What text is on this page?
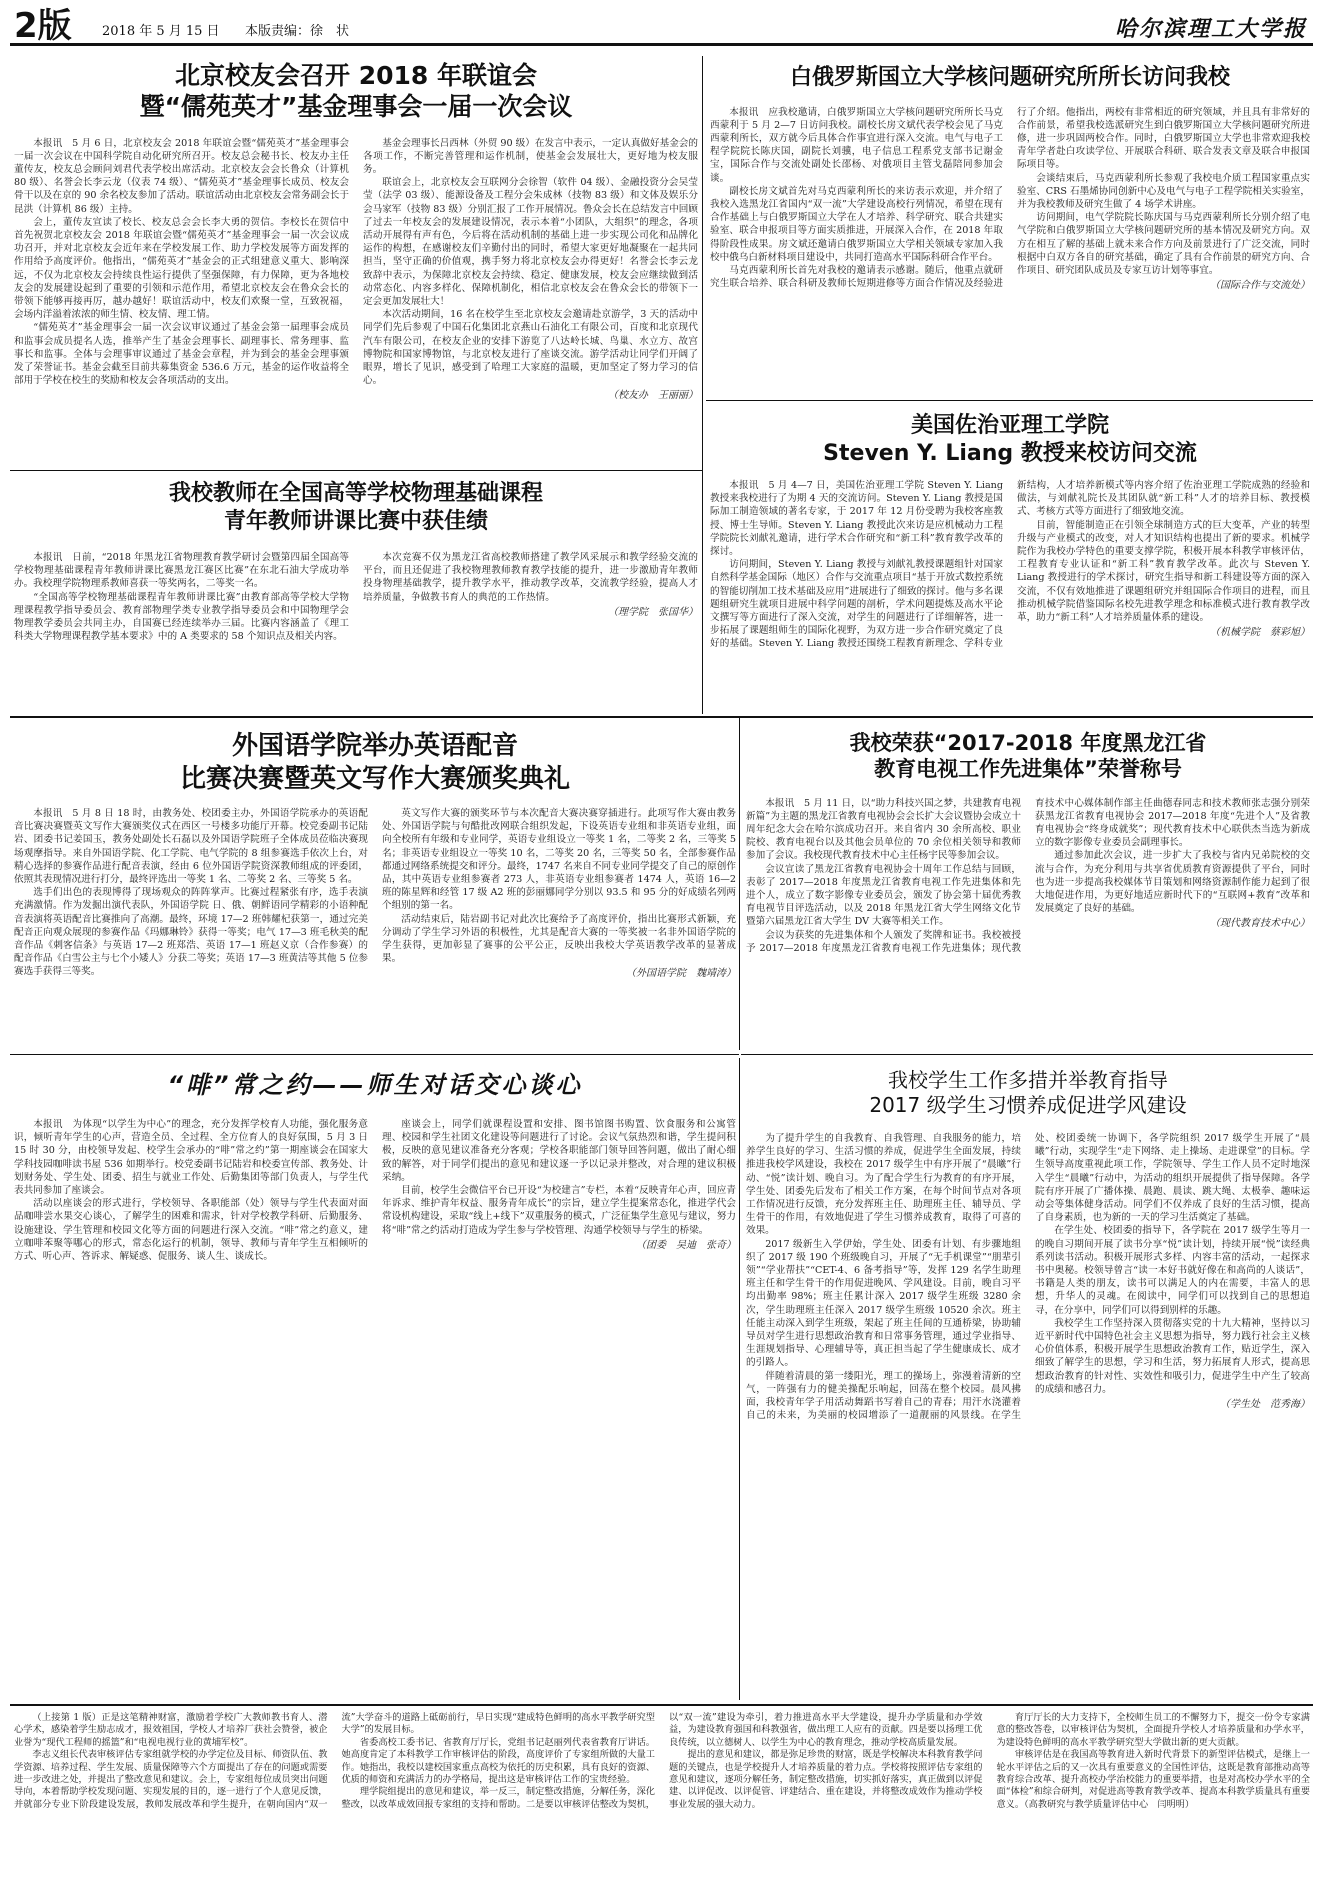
2版 2018 年 5 月 15 日 本版责编：徐　状	哈尔滨理工大学报
北京校友会召开 2018 年联谊会
暨“儒苑英才”基金理事会一届一次会议

本报讯　5 月 6 日，北京校友会 2018 年联谊会暨“儒苑英才”基金理事会一届一次会议在中国科学院自动化研究所召开。校友总会秘书长、校友办主任董传友，校友总会顾问刘君代表学校出席活动。北京校友会会长鲁众（计算机 80 级）、名誉会长李云龙（仪表 74 级）、“儒苑英才”基金理事长成员、校友会骨干以及在京的 90 余名校友参加了活动。联谊活动由北京校友会常务副会长于昆洪（计算机 86 级）主持。

会上，董传友宣读了校长、校友总会会长李大勇的贺信。李校长在贺信中首先祝贺北京校友会 2018 年联谊会暨“儒苑英才”基金理事会一届一次会议成功召开，并对北京校友会近年来在学校发展工作、助力学校发展等方面发挥的作用给予高度评价。他指出，“儒苑英才”基金会的正式组建意义重大、影响深远，不仅为北京校友会持续良性运行提供了坚强保障，有力保障，更为各地校友会的发展建设起到了重要的引领和示范作用，希望北京校友会在鲁众会长的带领下能够再接再厉，越办越好！联谊活动中，校友们欢聚一堂，互致祝福，会场内洋溢着浓浓的师生情、校友情、理工情。

“儒苑英才”基金理事会一届一次会议审议通过了基金会第一届理事会成员和监事会成员提名人选，推举产生了基金会理事长、副理事长、常务理事、监事长和监事。全体与会理事审议通过了基金会章程，并为到会的基金会理事颁发了荣誉证书。基金会截至目前共募集资金 536.6 万元，基金的运作收益将全部用于学校在校生的奖励和校友会各项活动的支出。

基金会理事长吕西林（外贸 90 级）在发言中表示，一定认真做好基金会的各项工作，不断完善管理和运作机制，使基金会发展壮大，更好地为校友服务。

联谊会上，北京校友会互联网分会徐智（软件 04 级）、金融投资分会吴莹莹（法学 03 级）、能源设备及工程分会朱成林（技物 83 级）和文体及娱乐分会马家军（技物 83 级）分别汇报了工作开展情况。鲁众会长在总结发言中回顾了过去一年校友会的发展建设情况，表示本着“小团队，大组织”的理念，各项活动开展得有声有色，今后将在活动机制的基础上进一步实现公司化和品牌化运作的构想，在感谢校友们辛勤付出的同时，希望大家更好地凝聚在一起共同担当，坚守正确的价值观，携手努力将北京校友会办得更好！名誉会长李云龙致辞中表示，为保障北京校友会持续、稳定、健康发展，校友会应继续做到活动常态化、内容多样化、保障机制化，相信北京校友会在鲁众会长的带领下一定会更加发展壮大！

本次活动期间，16 名在校学生至北京校友会邀请赴京游学，3 天的活动中同学们先后参观了中国石化集团北京燕山石油化工有限公司，百度和北京现代汽车有限公司，在校友企业的安排下游览了八达岭长城、鸟巢、水立方、故宫博物院和国家博物馆，与北京校友进行了座谈交流。游学活动让同学们开阔了眼界，增长了见识，感受到了哈理工大家庭的温暖，更加坚定了努力学习的信心。

（校友办　王丽丽）

白俄罗斯国立大学核问题研究所所长访问我校

本报讯　应我校邀请，白俄罗斯国立大学核问题研究所所长马克西蒙利于 5 月 2—7 日访问我校。副校长房文斌代表学校会见了马克西蒙利所长，双方就今后具体合作事宜进行深入交流。电气与电子工程学院院长陈庆国，副院长刘骥，电子信息工程系党支部书记谢金宝，国际合作与交流处副处长邵杨、对俄项目主管戈磊陪同参加会谈。

副校长房文斌首先对马克西蒙利所长的来访表示欢迎，并介绍了我校入选黑龙江省国内“双一流”大学建设高校行列情况，希望在现有合作基础上与白俄罗斯国立大学在人才培养、科学研究、联合共建实验室、联合申报项目等方面实质推进，开展深入合作，在 2018 年取得阶段性成果。房文斌还邀请白俄罗斯国立大学相关领域专家加入我校中俄乌白新材料项目建设中，共同打造高水平国际科研合作平台。

马克西蒙利所长首先对我校的邀请表示感谢。随后，他重点就研究生联合培养、联合科研及教师长短期进修等方面合作情况及经验进行了介绍。他指出，两校有非常相近的研究领域，并且具有非常好的合作前景，希望我校选派研究生到白俄罗斯国立大学核问题研究所进修，进一步巩固两校合作。同时，白俄罗斯国立大学也非常欢迎我校青年学者赴白攻读学位、开展联合科研、联合发表文章及联合申报国际项目等。

会谈结束后，马克西蒙利所长参观了我校电介质工程国家重点实验室、CRS 石墨烯协同创新中心及电气与电子工程学院相关实验室，并为我校教师及研究生做了 4 场学术讲座。

访问期间，电气学院院长陈庆国与马克西蒙利所长分别介绍了电气学院和白俄罗斯国立大学核问题研究所的基本情况及研究方向。双方在相互了解的基础上就未来合作方向及前景进行了广泛交流，同时根据中白双方各自的研究基础，确定了具有合作前景的研究方向、合作项目、研究团队成员及专家互访计划等事宜。

（国际合作与交流处）

我校教师在全国高等学校物理基础课程
青年教师讲课比赛中获佳绩

本报讯　日前，“2018 年黑龙江省物理教育教学研讨会暨第四届全国高等学校物理基础课程青年教师讲课比赛黑龙江赛区比赛”在东北石油大学成功举办。我校理学院物理系教师喜获一等奖两名，二等奖一名。

“全国高等学校物理基础课程青年教师讲课比赛”由教育部高等学校大学物理课程教学指导委员会、教育部物理学类专业教学指导委员会和中国物理学会物理教学委员会共同主办，自国赛已经连续举办三届。比赛内容涵盖了《理工科类大学物理课程教学基本要求》中的 A 类要求的 58 个知识点及相关内容。

本次竞赛不仅为黑龙江省高校教师搭建了教学风采展示和教学经验交流的平台，而且还促进了我校物理教师教育教学技能的提升，进一步激励青年教师投身物理基础教学，提升教学水平，推动教学改革，交流教学经验，提高人才培养质量，争做教书育人的典范的工作热情。

（理学院　张国华）

美国佐治亚理工学院
Steven Y. Liang 教授来校访问交流

本报讯　5 月 4—7 日，美国佐治亚理工学院 Steven Y. Liang 教授来我校进行了为期 4 天的交流访问。Steven Y. Liang 教授是国际加工制造领域的著名专家，于 2017 年 12 月份受聘为我校客座教授、博士生导师。Steven Y. Liang 教授此次来访是应机械动力工程学院院长刘献礼邀请，进行学术合作研究和“新工科”教育教学改革的探讨。

访问期间，Steven Y. Liang 教授与刘献礼教授课题组针对国家自然科学基金国际（地区）合作与交流重点项目“基于开放式数控系统的智能切削加工技术基础及应用”进展进行了细致的探讨。他与多名课题组研究生就项目进展中科学问题的剖析，学术问题提炼及高水平论文撰写等方面进行了深入交流，对学生的问题进行了详细解答，进一步拓展了课题组师生的国际化视野，为双方进一步合作研究奠定了良好的基础。Steven Y. Liang 教授还围绕工程教育新理念、学科专业新结构，人才培养新模式等内容介绍了佐治亚理工学院成熟的经验和做法，与刘献礼院长及其团队就“新工科”人才的培养目标、教授模式、考核方式等方面进行了细致地交流。

目前，智能制造正在引领全球制造方式的巨大变革，产业的转型升级与产业模式的改变，对人才知识结构也提出了新的要求。机械学院作为我校办学特色的重要支撑学院，积极开展本科教学审核评估，工程教育专业认证和“新工科”教育教学改革。此次与 Steven Y. Liang 教授进行的学术探讨，研究生指导和新工科建设等方面的深入交流，不仅有效地推进了课题组研究并组国际合作项目的进程，而且推动机械学院借鉴国际名校先进教学理念和标准模式进行教育教学改革，助力“新工科”人才培养质量体系的建设。

（机械学院　蔡彩旭）

外国语学院举办英语配音
比赛决赛暨英文写作大赛颁奖典礼

本报讯　5 月 8 日 18 时，由教务处、校团委主办，外国语学院承办的英语配音比赛决赛暨英文写作大赛颁奖仪式在西区一号楼多功能厅开幕。校党委副书记陆岩、团委书记姜国玉，教务处副处长石磊以及外国语学院班子全体成员莅临决赛现场观摩指导。来自外国语学院、化工学院、电气学院的 8 组参赛选手依次上台，对精心选择的参赛作品进行配音表演，经由 6 位外国语学院资深教师组成的评委团，依照其表现情况进行打分，最终评选出一等奖 1 名、二等奖 2 名、三等奖 5 名。

选手们出色的表现博得了现场观众的阵阵掌声。比赛过程紧张有序，选手表演充满激情。作为发掘出演代表队，外国语学院 日、俄、朝鲜语同学精彩的小语种配音表演将英语配音比赛推向了高潮。最终，环境 17—2 班韩耀杞获第一，通过完美配音正向观众展现的参赛作品《玛娜琳铃》获得一等奖；电气 17—3 班毛秋美的配音作品《刺客信条》与英语 17—2 班郑浩、英语 17—1 班赵义京（合作参赛）的配音作品《白雪公主与七个小矮人》分获二等奖；英语 17—3 班黄洁等其他 5 位参赛选手获得三等奖。

英文写作大赛的颁奖环节与本次配音大赛决赛穿插进行。此项写作大赛由教务处、外国语学院与句酷批改网联合组织发起，下设英语专业组和非英语专业组，面向全校所有年级和专业同学，英语专业组设立一等奖 1 名，二等奖 2 名，三等奖 5 名；非英语专业组设立一等奖 10 名，二等奖 20 名，三等奖 50 名，全部参赛作品都通过网络系统提交和评分。最终，1747 名来自不同专业同学提交了自己的原创作品，其中英语专业组参赛者 273 人，非英语专业组参赛者 1474 人，英语 16—2 班的陈星辉和经管 17 级 A2 班的彭丽娜同学分别以 93.5 和 95 分的好成绩名列两个组别的第一名。

活动结束后，陆岩副书记对此次比赛给予了高度评价，指出比赛形式新颖，充分调动了学生学习外语的积极性，尤其是配音大赛的一等奖被一名非外国语学院的学生获得，更加彰显了赛事的公平公正，反映出我校大学英语教学改革的显著成果。

（外国语学院　魏靖涛）

我校荣获“2017-2018 年度黑龙江省
教育电视工作先进集体”荣誉称号

本报讯　5 月 11 日，以“助力科技兴国之梦，共建教育电视新篇”为主题的黑龙江省教育电视协会会长扩大会议暨协会成立十周年纪念大会在哈尔滨成功召开。来自省内 30 余所高校、职业院校、教育电视台以及其他会员单位的 70 余位相关领导和教师参加了会议。我校现代教育技术中心主任杨宇民等参加会议。

会议宣读了黑龙江省教育电视协会十周年工作总结与回顾，表彰了 2017—2018 年度黑龙江省教育电视工作先进集体和先进个人，成立了数字影像专业委员会，颁发了协会第十届优秀教育电视节目评选活动，以及 2018 年黑龙江省大学生网络文化节暨第六届黑龙江省大学生 DV 大赛等相关工作。

会议为获奖的先进集体和个人颁发了奖牌和证书。我校被授予 2017—2018 年度黑龙江省教育电视工作先进集体；现代教育技术中心媒体制作部主任曲德春同志和技术教师张志强分别荣获黑龙江省教育电视协会 2017—2018 年度“先进个人”及省教育电视协会“终身成就奖”；现代教育技术中心联供杰当选为新成立的数字影像专业委员会副理事长。

通过参加此次会议，进一步扩大了我校与省内兄弟院校的交流与合作，为充分利用与共享省优质教育资源提供了平台，同时也为进一步提高我校媒体节目策划和网络资源制作能力起到了很大地促进作用，为更好地适应新时代下的“互联网+教育”改革和发展奠定了良好的基础。

（现代教育技术中心）

“啡”常之约——师生对话交心谈心

本报讯　为体现“以学生为中心”的理念，充分发挥学校育人功能，强化服务意识，倾听青年学生的心声，营造全员、全过程、全方位育人的良好氛围，5 月 3 日 15 时 30 分，由校领导发起、校学生会承办的“啡”常之约”第一期座谈会在国家大学科技园咖啡读书屋 536 如期举行。校党委副书记陆岩和校委宣传部、教务处、计划财务处、学生处、团委、招生与就业工作处、后勤集团等部门负责人，与学生代表共同参加了座谈会。

活动以座谈会的形式进行，学校领导、各职能部（处）领导与学生代表面对面品咖啡尝水果交心谈心，了解学生的困难和需求，针对学校教学科研、后勤服务、设施建设、学生管理和校园文化等方面的问题进行深入交流。“啡”常之约意义，建立咖啡苯聚等哪心的形式，常态化运行的机制，领导、教师与青年学生互相倾听的方式、听心声、答诉求、解疑惑、促服务、谈人生、谈成长。

座谈会上，同学们就课程设置和安排、图书馆图书购置、饮食服务和公寓管理、校园和学生社团文化建设等问题进行了讨论。会议气氛热烈和谐，学生提问积极，反映的意见建议准备充分客观；学校各职能部门领导回答问题，做出了耐心细致的解答，对于同学们提出的意见和建议逐一予以记录并整改，对合理的建议积极采纳。

目前，校学生会微信平台已开设“为校建言”专栏，本着“反映青年心声，回应青年诉求、维护青年权益、服务青年成长”的宗旨，建立学生提案常态化，推进学代会常设机构建设，采取“线上+线下”双重服务的模式，广泛征集学生意见与建议，努力将“啡”常之约活动打造成为学生参与学校管理、沟通学校领导与学生的桥梁。

（团委　吴迪　张奇）

我校学生工作多措并举教育指导
2017 级学生习惯养成促进学风建设

为了提升学生的自我教育、自我管理、自我服务的能力，培养学生良好的学习、生活习惯的养成，促进学生全面发展，持续推进我校学风建设，我校在 2017 级学生中有序开展了“晨曦”行动、“悦”读计划、晚自习。为了配合学生行为教育的有序开展，学生处、团委先后发布了相关工作方案，在每个时间节点对各项工作情况进行反馈，充分发挥班主任、助理班主任、辅导员、学生骨干的作用，有效地促进了学生习惯养成教育，取得了可喜的效果。

2017 级新生入学伊始，学生处、团委有计划、有步骤地组织了 2017 级 190 个班级晚自习，开展了“无手机课堂”“朋辈引领”“学业帮扶”“CET-4、6 备考指导”等，发挥 129 名学生助理班主任和学生骨干的作用促进晚风、学风建设。目前，晚自习平均出勤率 98%；班主任累计深入 2017 级学生班级 3280 余次，学生助理班主任深入 2017 级学生班级 10520 余次。班主任能主动深入到学生班级，架起了班主任间的互通桥梁，协助辅导员对学生进行思想政治教育和日常事务管理，通过学业指导、生涯规划指导、心理辅导等，真正担当起了学生健康成长、成才的引路人。

伴随着清晨的第一缕阳光，理工的操场上，弥漫着清新的空气，一阵强有力的健美操配乐响起，回荡在整个校园。晨风拂面，我校青年学子用活动舞蹈书写着自己的青春；用汗水浇灌着自己的未来，为美丽的校园增添了一道靓丽的风景线。在学生处、校团委统一协调下，各学院组织 2017 级学生开展了“晨曦”行动，实现学生“走下网络、走上操场、走进课堂”的目标。学生领导高度重视此项工作，学院领导、学生工作人员不定时地深入学生“晨曦”行动中，为活动的组织开展提供了指导保障。各学院有序开展了广播体操、晨跑、晨读、跳大绳、太极拳、趣味运动会等集体健身活动。同学们不仅养成了良好的生活习惯，提高了自身素质，也为新的一天的学习生活奠定了基础。

在学生处、校团委的指导下，各学院在 2017 级学生等月一的晚自习期间开展了读书分享“悦”读计划，持续开展“悦”读经典系列读书活动。积极开展形式多样、内容丰富的活动，一起探求书中奥秘。校领导曾言“读一本好书就好像在和高尚的人谈话”，书籍是人类的朋友，读书可以满足人的内在需要，丰富人的思想，升华人的灵魂。在阅读中，同学们可以找到自己的思想追寻，在分享中，同学们可以得到别样的乐趣。

我校学生工作坚持深入贯彻落实党的十九大精神，坚持以习近平新时代中国特色社会主义思想为指导，努力践行社会主义核心价值体系，积极开展学生思想政治教育工作，贴近学生，深入细致了解学生的思想，学习和生活，努力拓展育人形式，提高思想政治教育的针对性、实效性和吸引力，促进学生中产生了较高的成绩和感召力。

（学生处　范秀海）

（上接第 1 版）正是这笔精神财富，激励着学校广大教师教书育人、潜心学术，感染着学生励志成才，报效祖国，学校人才培养厂获社会赞誉，被企业誉为“现代工程师的摇篮”和“电视电视行业的黄埔军校”。

李志义组长代表审核评估专家组就学校的办学定位及目标、师资队伍、教学资源、培养过程、学生发展、质量保障等六个方面提出了存在的问题或需要进一步改进之处，并提出了整改意见和建议。会上，专家组每位成员突出问题导向，本着帮助学校发现问题、实现发展的目的，逐一进行了个人意见反馈，并就部分专业下阶段建设发展，教师发展改革和学生提升，在朝向国内“双一流”大学奋斗的道路上砥砺前行，早日实现“建成特色鲜明的高水平教学研究型大学”的发展目标。

省委高校工委书记、省教育厅厅长，党组书记赵丽列代表省教育厅讲话。她高度肯定了本科教学工作审核评估的阶段，高度评价了专家组所做的大量工作。她指出，我校以建校国家重点高校为依托的历史积累，具有良好的资源、优质的师资和充满活力的办学格局，提出这是审核评估工作的宝贵经验。

理学院组提出的意见和建议，举一反三，制定整改措施，分解任务，深化整改，以改革成效回报专家组的支持和帮助。二是要以审核评估整改为契机，以“双一流”建设为牵引，着力推进高水平大学建设，提升办学质量和办学效益，为建设教育强国和科教强省，做出理工人应有的贡献。四是要以扬理工优良传统，以立德树人、以学生为中心的教育理念，推动学校高质量发展。

提出的意见和建议，都是弥足珍贵的财富，既是学校解决本科教育教学问题的关键点，也是学校提升人才培养质量的着力点。学校将按照评估专家组的意见和建议，逐项分解任务，制定整改措施，切实抓好落实，真正做到以评促建、以评促改、以评促管、评建结合、重在建设，并将整改成效作为推动学校事业发展的强大动力。

育厅厅长的大力支持下，全校师生员工的不懈努力下，提交一份令专家满意的整改答卷，以审核评估为契机，全面提升学校人才培养质量和办学水平，为建设特色鲜明的高水平教学研究型大学做出新的更大贡献。

审核评估是在我国高等教育进入新时代背景下的新型评估模式，是继上一轮水平评估之后的又一次具有重要意义的全国性评估，这既是教育部推动高等教育综合改革、提升高校办学治校能力的重要举措，也是对高校办学水平的全面“体检”和综合研判，对促进高等教育教学改革、提高本科教学质量具有重要意义。（高教研究与教学质量评估中心　闫明明）
